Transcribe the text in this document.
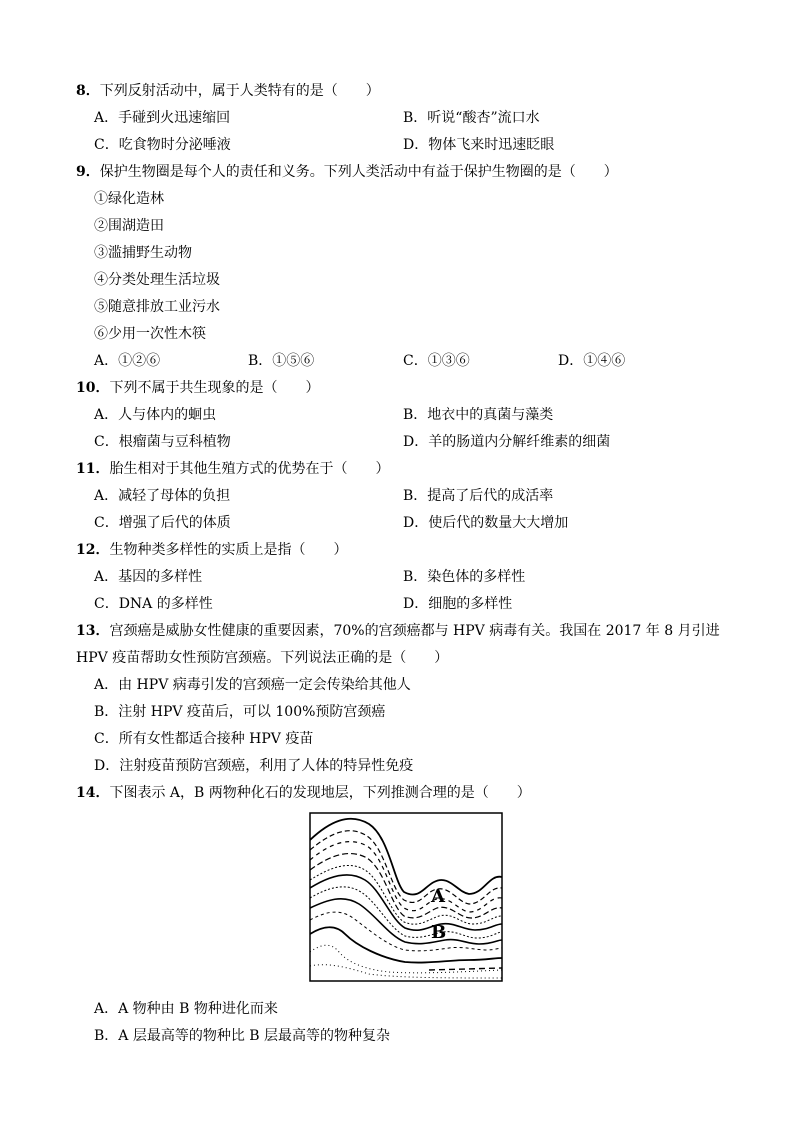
8．下列反射活动中，属于人类特有的是（　　）
A．手碰到火迅速缩回	B．听说“酸杏”流口水
C．吃食物时分泌唾液	D．物体飞来时迅速眨眼
9．保护生物圈是每个人的责任和义务。下列人类活动中有益于保护生物圈的是（　　）
①绿化造林
②围湖造田
③滥捕野生动物
④分类处理生活垃圾
⑤随意排放工业污水
⑥少用一次性木筷
A．①②⑥	B．①⑤⑥	C．①③⑥	D．①④⑥
10．下列不属于共生现象的是（　　）
A．人与体内的蛔虫	B．地衣中的真菌与藻类
C．根瘤菌与豆科植物	D．羊的肠道内分解纤维素的细菌
11．胎生相对于其他生殖方式的优势在于（　　）
A．减轻了母体的负担	B．提高了后代的成活率
C．增强了后代的体质	D．使后代的数量大大增加
12．生物种类多样性的实质上是指（　　）
A．基因的多样性	B．染色体的多样性
C．DNA 的多样性	D．细胞的多样性
13．宫颈癌是威胁女性健康的重要因素，70%的宫颈癌都与 HPV 病毒有关。我国在 2017 年 8 月引进
HPV 疫苗帮助女性预防宫颈癌。下列说法正确的是（　　）
A．由 HPV 病毒引发的宫颈癌一定会传染给其他人
B．注射 HPV 疫苗后，可以 100%预防宫颈癌
C．所有女性都适合接种 HPV 疫苗
D．注射疫苗预防宫颈癌，利用了人体的特异性免疫
14．下图表示 A，B 两物种化石的发现地层，下列推测合理的是（　　）
A
B
A．A 物种由 B 物种进化而来
B．A 层最高等的物种比 B 层最高等的物种复杂
